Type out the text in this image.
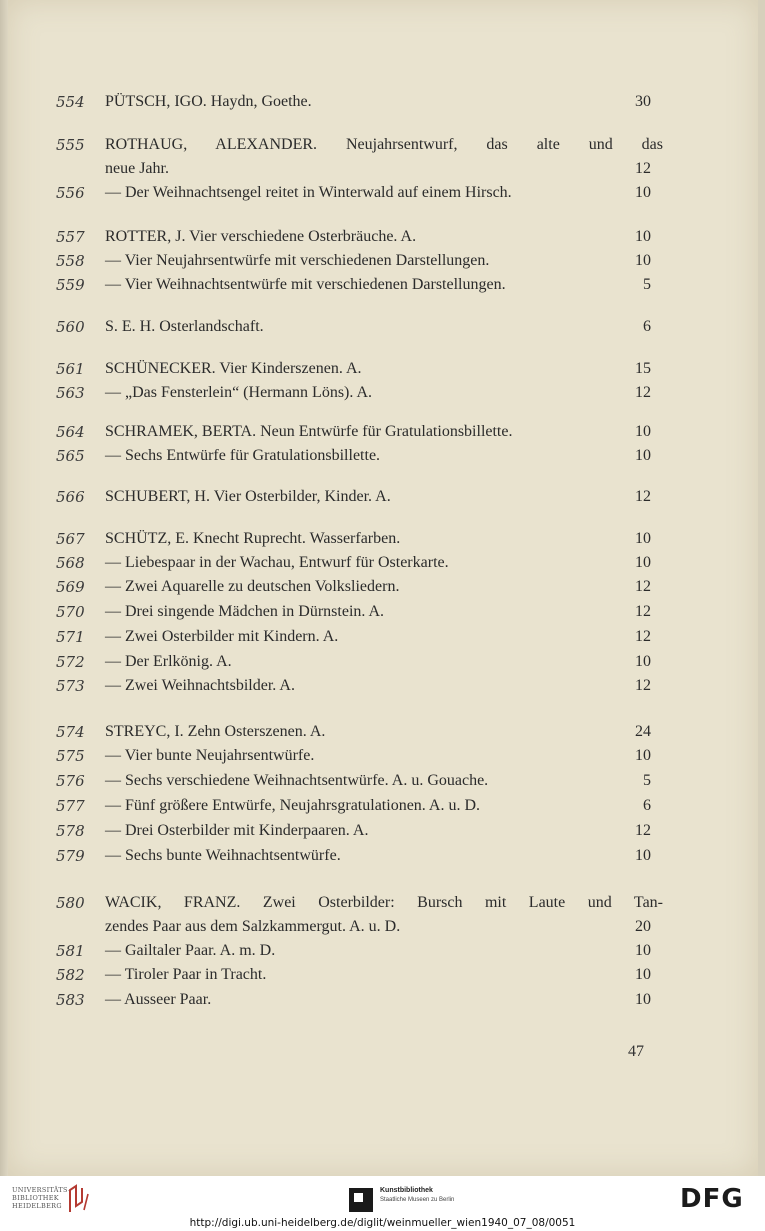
554	PÜTSCH, IGO. Haydn, Goethe.	30
555	ROTHAUG, ALEXANDER. Neujahrsentwurf, das alte und das
neue Jahr.	12
556	— Der Weihnachtsengel reitet in Winterwald auf einem Hirsch.	10
557	ROTTER, J. Vier verschiedene Osterbräuche. A.	10
558	— Vier Neujahrsentwürfe mit verschiedenen Darstellungen.	10
559	— Vier Weihnachtsentwürfe mit verschiedenen Darstellungen.	5
560	S. E. H. Osterlandschaft.	6
561	SCHÜNECKER. Vier Kinderszenen. A.	15
563	— „Das Fensterlein“ (Hermann Löns). A.	12
564	SCHRAMEK, BERTA. Neun Entwürfe für Gratulationsbillette.	10
565	— Sechs Entwürfe für Gratulationsbillette.	10
566	SCHUBERT, H. Vier Osterbilder, Kinder. A.	12
567	SCHÜTZ, E. Knecht Ruprecht. Wasserfarben.	10
568	— Liebespaar in der Wachau, Entwurf für Osterkarte.	10
569	— Zwei Aquarelle zu deutschen Volksliedern.	12
570	— Drei singende Mädchen in Dürnstein. A.	12
571	— Zwei Osterbilder mit Kindern. A.	12
572	— Der Erlkönig. A.	10
573	— Zwei Weihnachtsbilder. A.	12
574	STREYC, I. Zehn Osterszenen. A.	24
575	— Vier bunte Neujahrsentwürfe.	10
576	— Sechs verschiedene Weihnachtsentwürfe. A. u. Gouache.	5
577	— Fünf größere Entwürfe, Neujahrsgratulationen. A. u. D.	6
578	— Drei Osterbilder mit Kinderpaaren. A.	12
579	— Sechs bunte Weihnachtsentwürfe.	10
580	WACIK, FRANZ. Zwei Osterbilder: Bursch mit Laute und Tan-
zendes Paar aus dem Salzkammergut. A. u. D.	20
581	— Gailtaler Paar. A. m. D.	10
582	— Tiroler Paar in Tracht.	10
583	— Ausseer Paar.	10
47
UNIVERSITÄTS-
BIBLIOTHEK
HEIDELBERG
Kunstbibliothek
Staatliche Museen zu Berlin	DFG
http://digi.ub.uni-heidelberg.de/diglit/weinmueller_wien1940_07_08/0051
